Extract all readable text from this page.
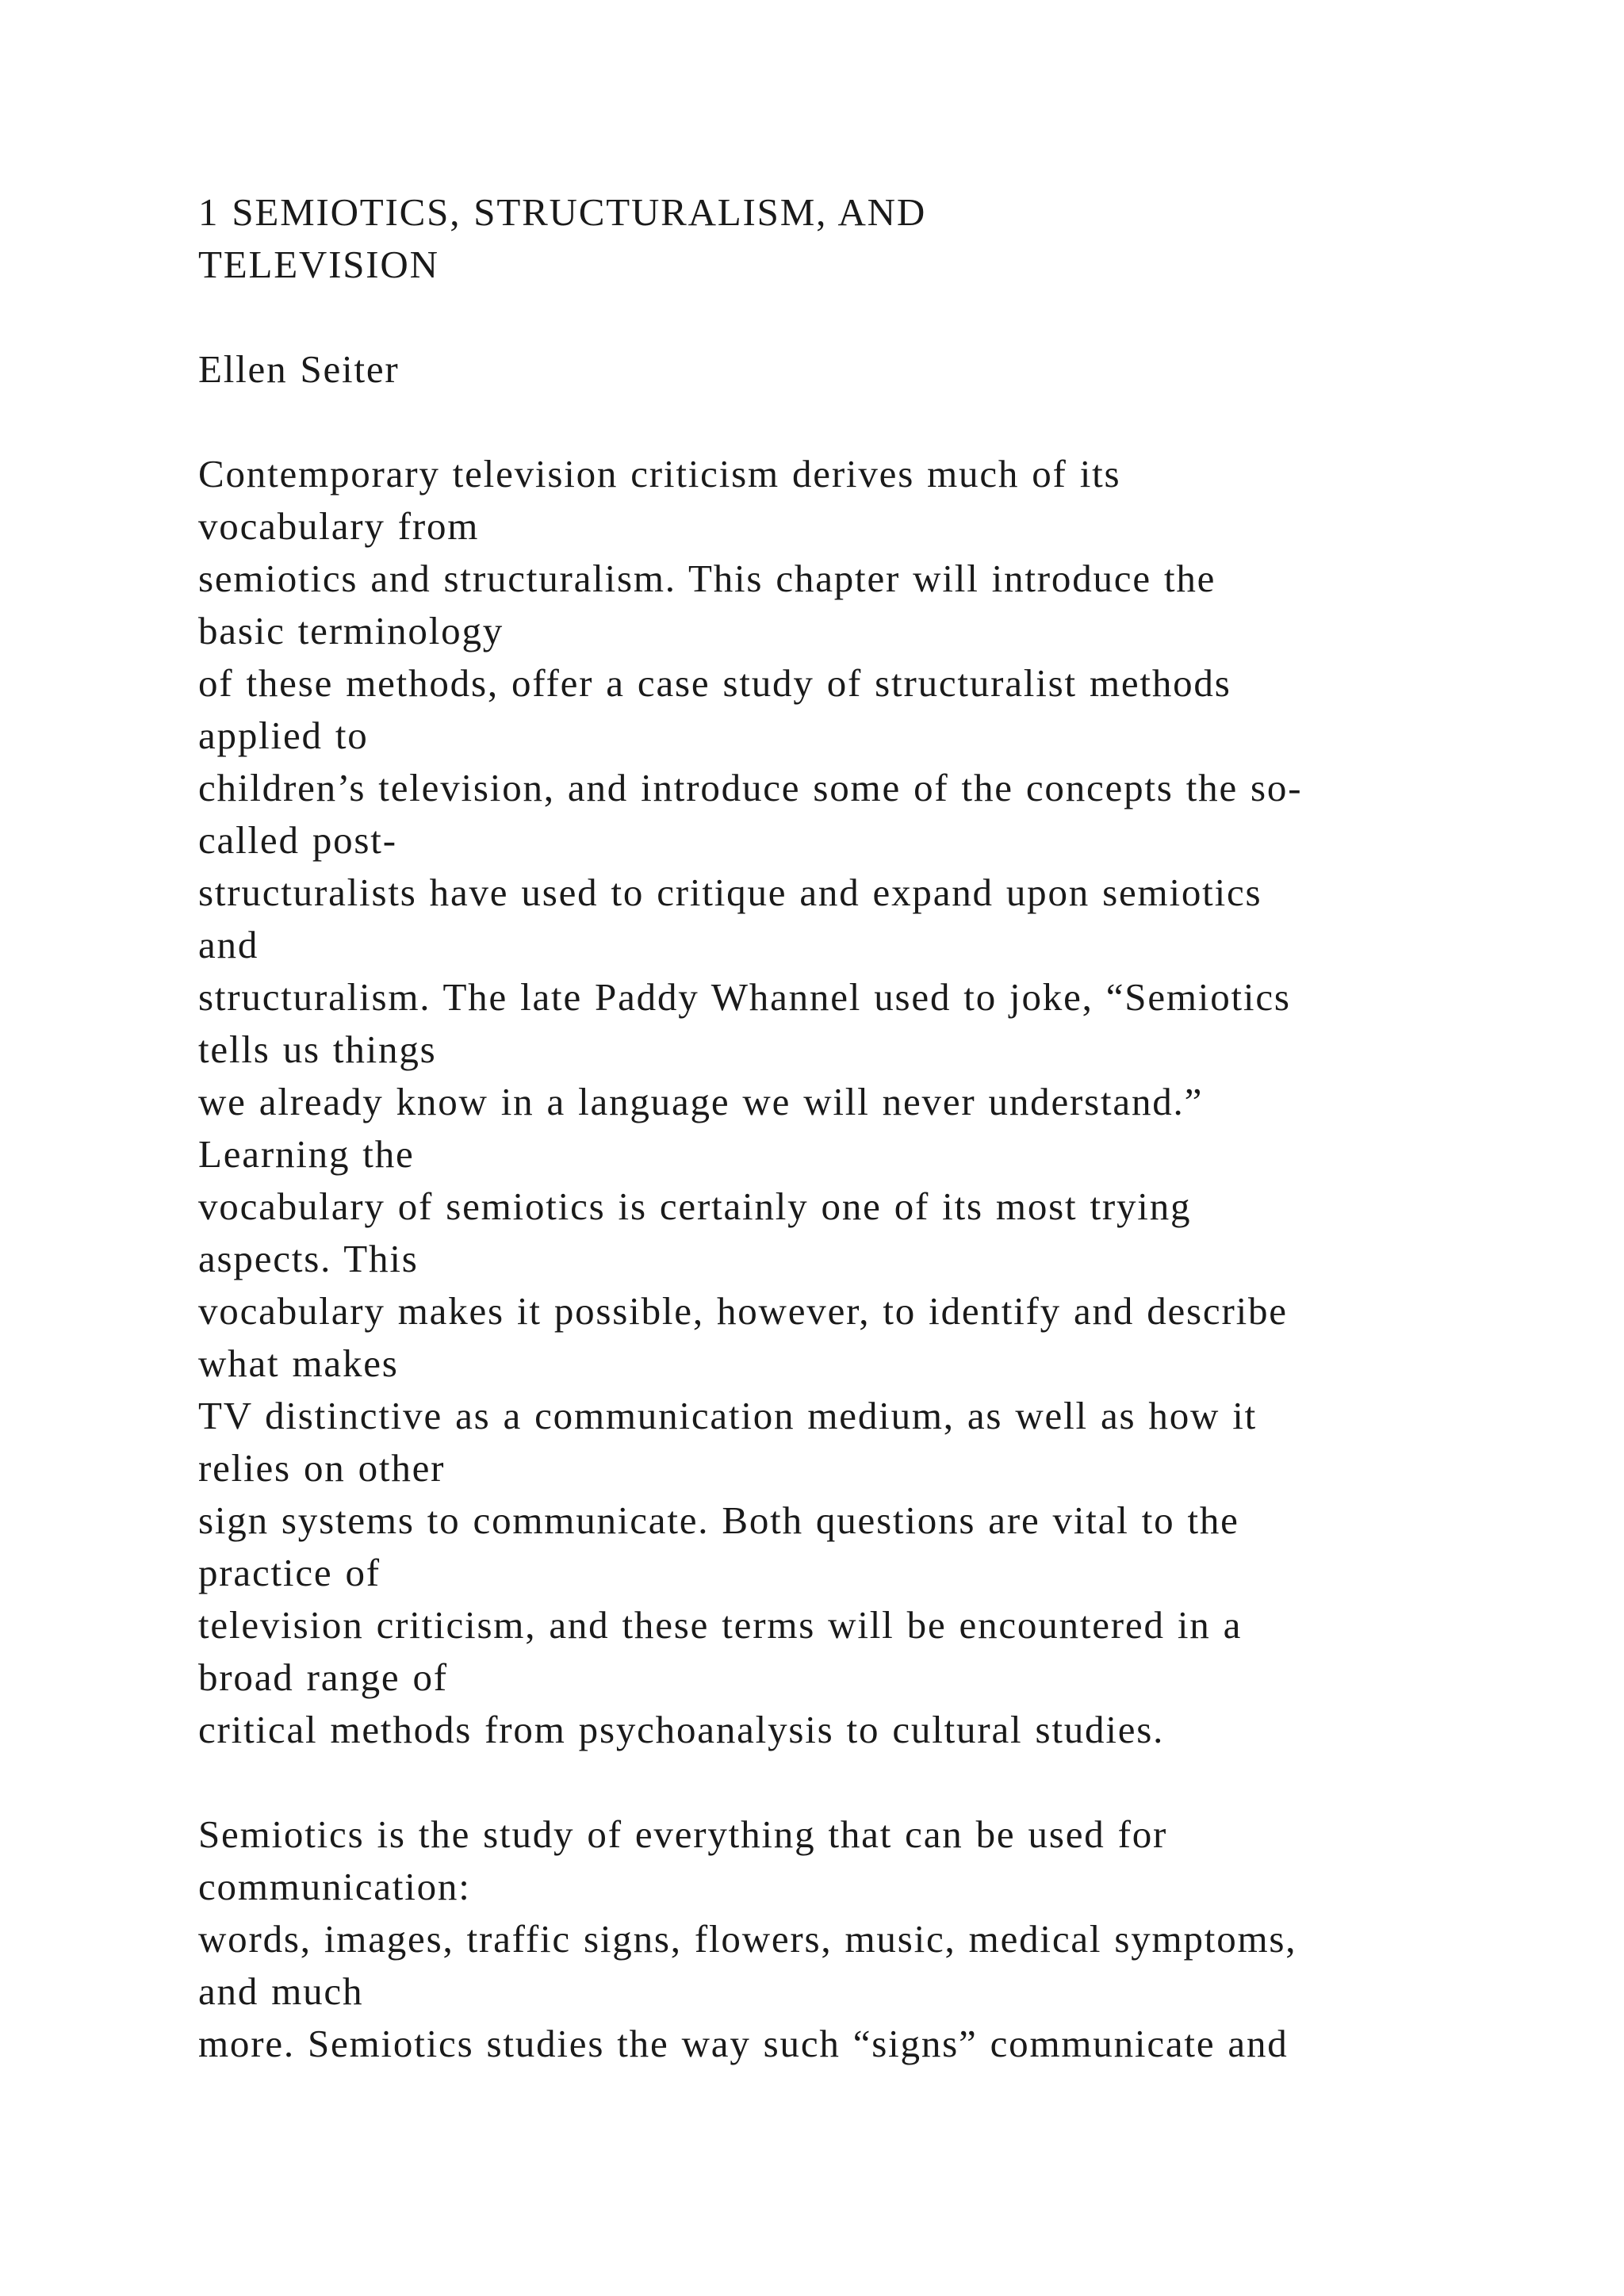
1 SEMIOTICS, STRUCTURALISM, AND
TELEVISION
Ellen Seiter
Contemporary television criticism derives much of its
vocabulary from
semiotics and structuralism. This chapter will introduce the
basic terminology
of these methods, offer a case study of structuralist methods
applied to
children’s television, and introduce some of the concepts the so-
called post-
structuralists have used to critique and expand upon semiotics
and
structuralism. The late Paddy Whannel used to joke, “Semiotics
tells us things
we already know in a language we will never understand.”
Learning the
vocabulary of semiotics is certainly one of its most trying
aspects. This
vocabulary makes it possible, however, to identify and describe
what makes
TV distinctive as a communication medium, as well as how it
relies on other
sign systems to communicate. Both questions are vital to the
practice of
television criticism, and these terms will be encountered in a
broad range of
critical methods from psychoanalysis to cultural studies.
Semiotics is the study of everything that can be used for
communication:
words, images, traffic signs, flowers, music, medical symptoms,
and much
more. Semiotics studies the way such “signs” communicate and
